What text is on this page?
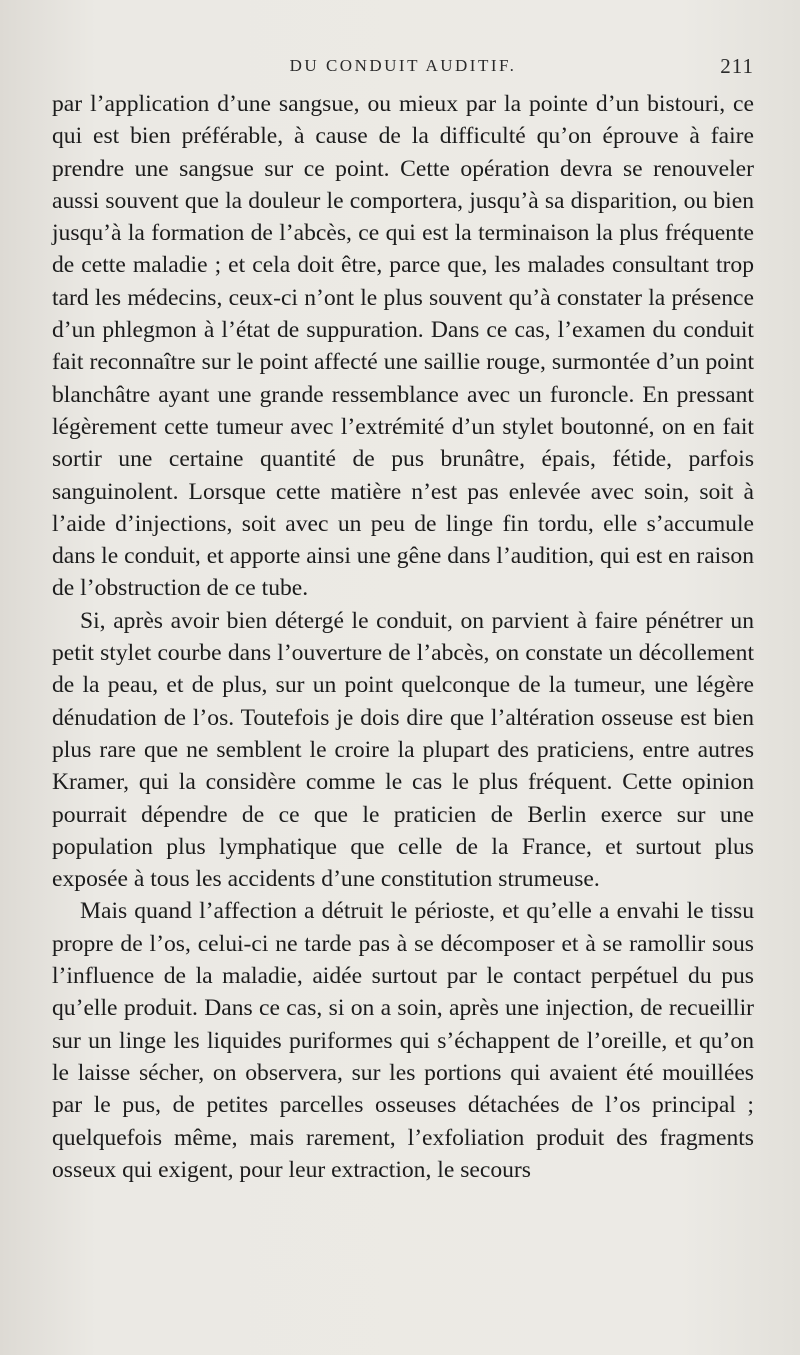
DU CONDUIT AUDITIF.	211

par l’application d’une sangsue, ou mieux par la pointe d’un bistouri, ce qui est bien préférable, à cause de la difficulté qu’on éprouve à faire prendre une sangsue sur ce point. Cette opération devra se renouveler aussi souvent que la douleur le comportera, jusqu’à sa disparition, ou bien jusqu’à la formation de l’abcès, ce qui est la terminaison la plus fréquente de cette maladie ; et cela doit être, parce que, les malades consultant trop tard les médecins, ceux-ci n’ont le plus souvent qu’à constater la présence d’un phlegmon à l’état de suppuration. Dans ce cas, l’examen du conduit fait reconnaître sur le point affecté une saillie rouge, surmontée d’un point blanchâtre ayant une grande ressemblance avec un furoncle. En pressant légèrement cette tumeur avec l’extrémité d’un stylet boutonné, on en fait sortir une certaine quantité de pus brunâtre, épais, fétide, parfois sanguinolent. Lorsque cette matière n’est pas enlevée avec soin, soit à l’aide d’injections, soit avec un peu de linge fin tordu, elle s’accumule dans le conduit, et apporte ainsi une gêne dans l’audition, qui est en raison de l’obstruction de ce tube.

Si, après avoir bien détergé le conduit, on parvient à faire pénétrer un petit stylet courbe dans l’ouverture de l’abcès, on constate un décollement de la peau, et de plus, sur un point quelconque de la tumeur, une légère dénudation de l’os. Toutefois je dois dire que l’altération osseuse est bien plus rare que ne semblent le croire la plupart des praticiens, entre autres Kramer, qui la considère comme le cas le plus fréquent. Cette opinion pourrait dépendre de ce que le praticien de Berlin exerce sur une population plus lymphatique que celle de la France, et surtout plus exposée à tous les accidents d’une constitution strumeuse.

Mais quand l’affection a détruit le périoste, et qu’elle a envahi le tissu propre de l’os, celui-ci ne tarde pas à se décomposer et à se ramollir sous l’influence de la maladie, aidée surtout par le contact perpétuel du pus qu’elle produit. Dans ce cas, si on a soin, après une injection, de recueillir sur un linge les liquides puriformes qui s’échappent de l’oreille, et qu’on le laisse sécher, on observera, sur les portions qui avaient été mouillées par le pus, de petites parcelles osseuses détachées de l’os principal ; quelquefois même, mais rarement, l’exfoliation produit des fragments osseux qui exigent, pour leur extraction, le secours
